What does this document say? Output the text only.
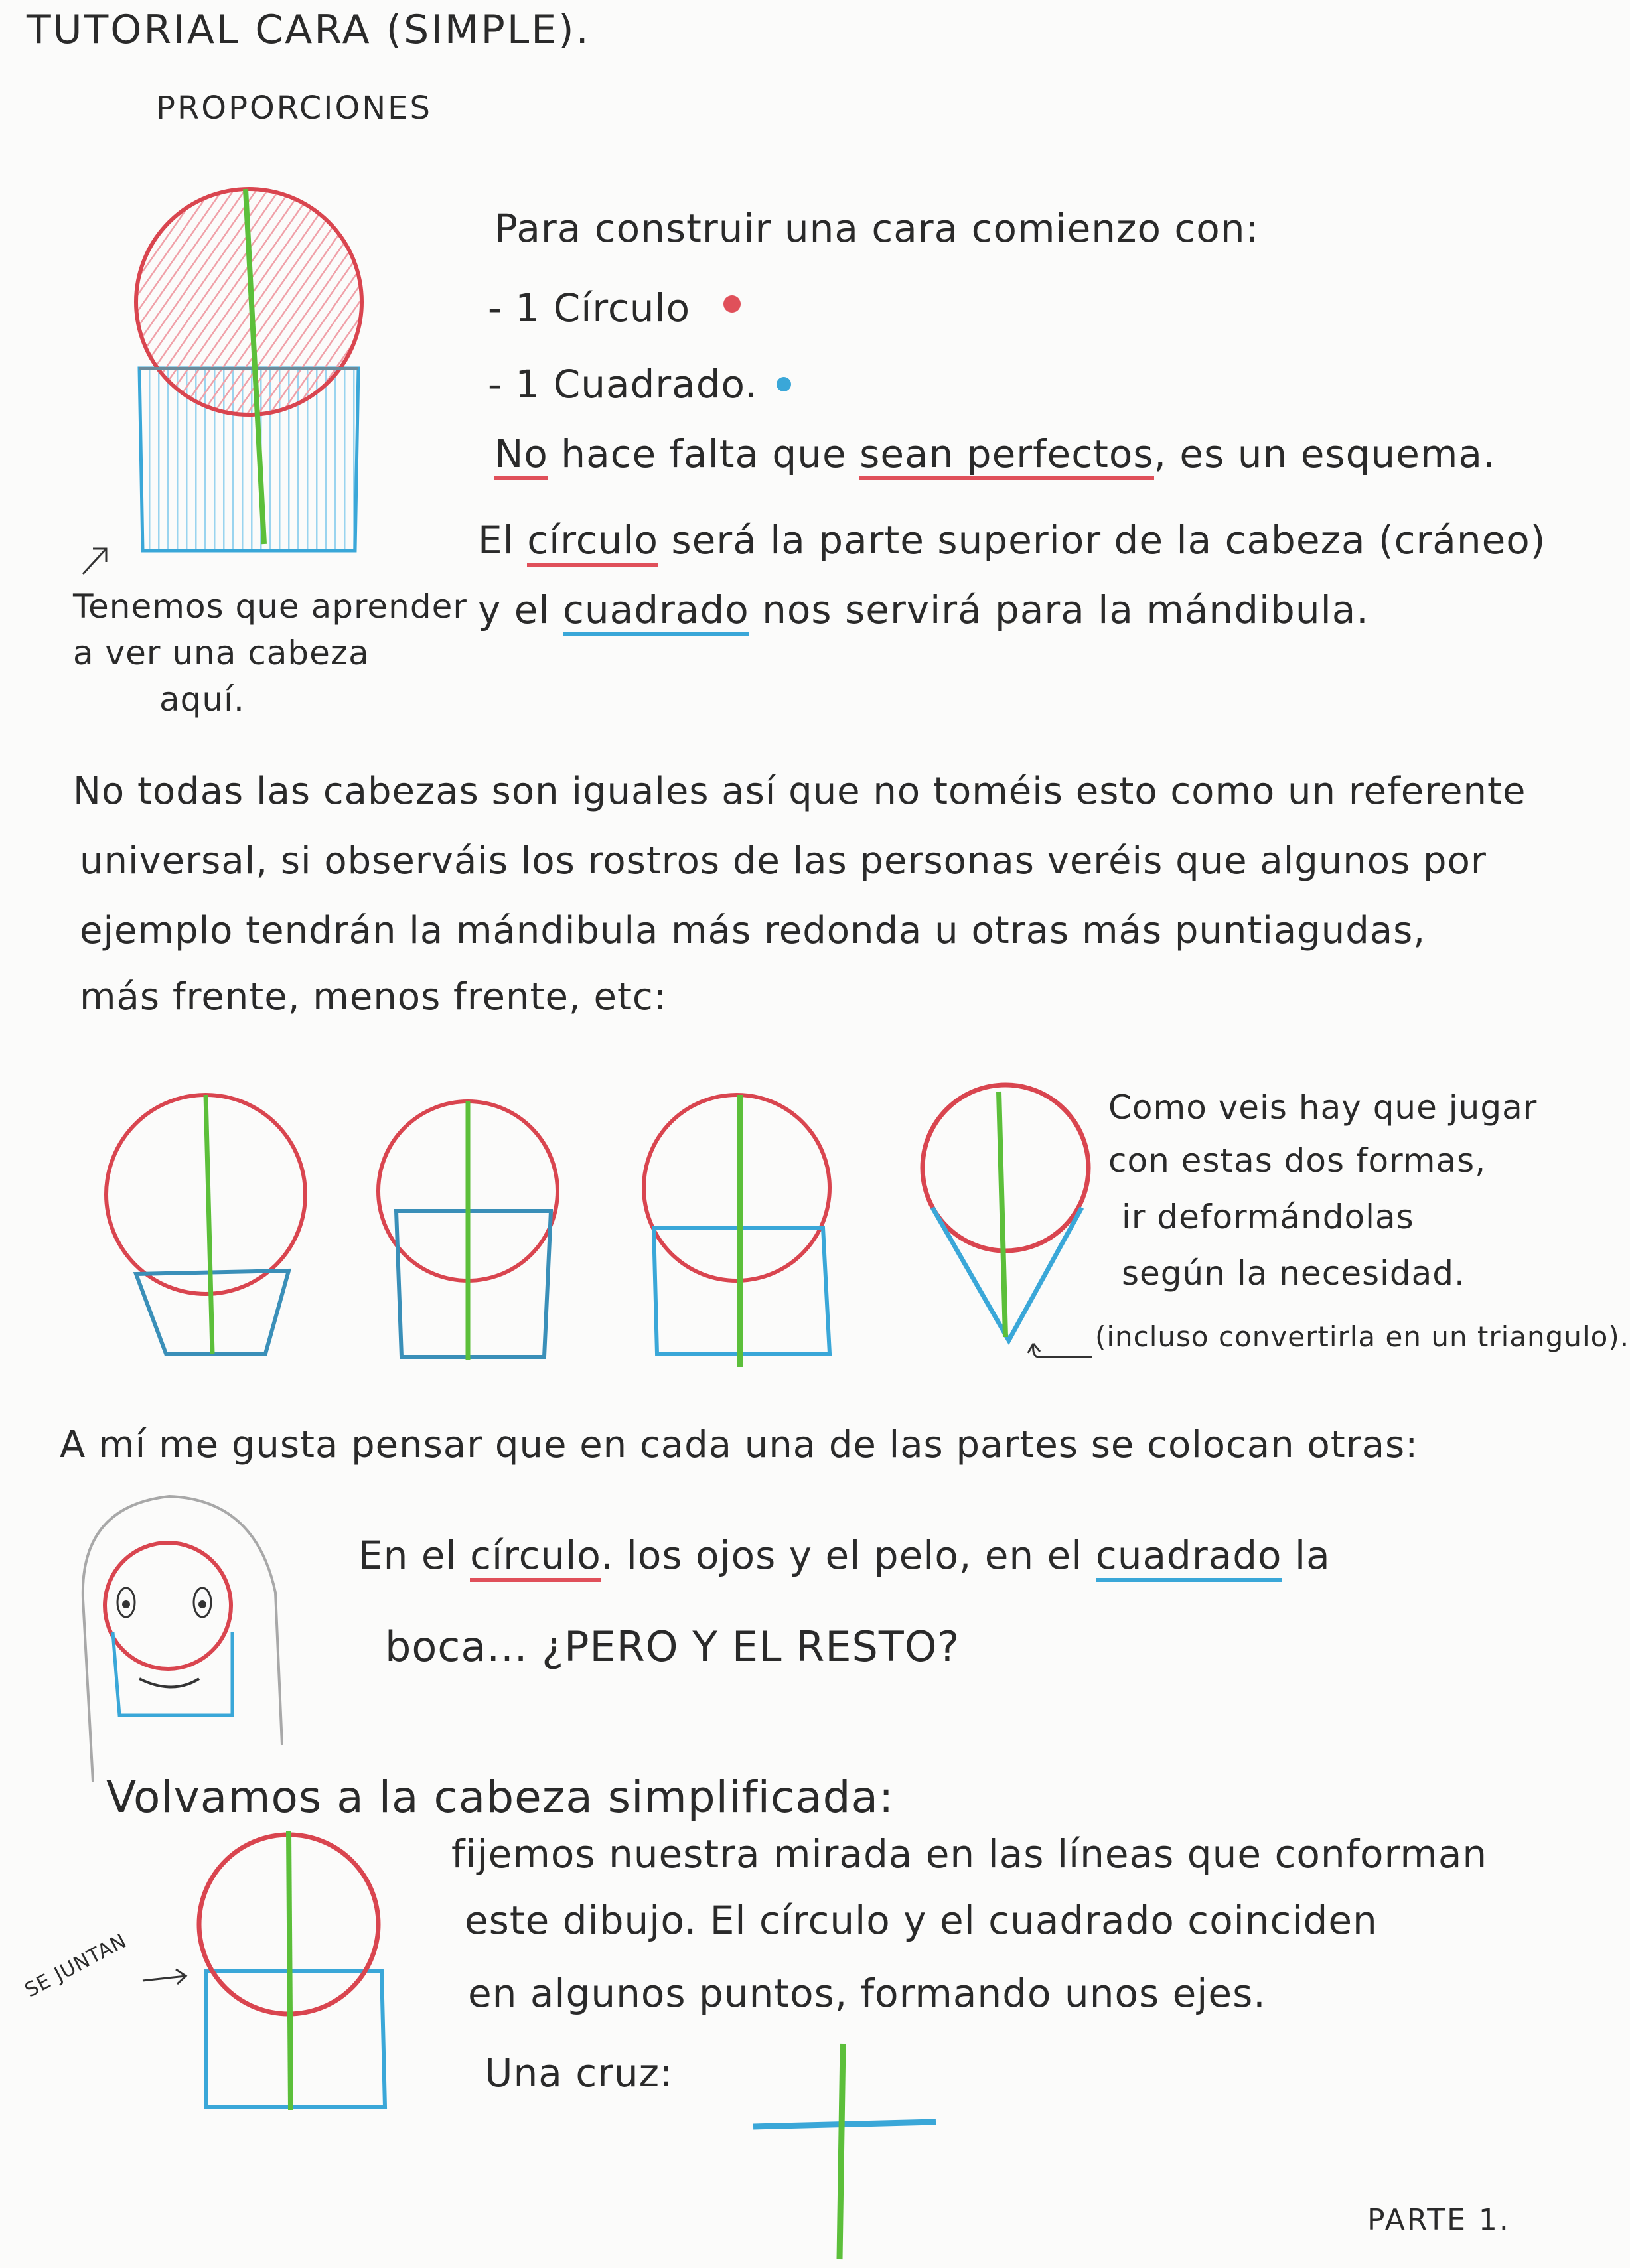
TUTORIAL CARA (SIMPLE).
PROPORCIONES
Tenemos que aprender
a ver una cabeza
aquí.
Para construir una cara comienzo con:
- 1 Círculo
- 1 Cuadrado.
No hace falta que sean perfectos, es un esquema.
El círculo será la parte superior de la cabeza (cráneo)
y el cuadrado nos servirá para la mándibula.
No todas las cabezas son iguales así que no toméis esto como un referente
universal, si observáis los rostros de las personas veréis que algunos por
ejemplo tendrán la mándibula más redonda u otras más puntiagudas,
más frente, menos frente, etc:
Como veis hay que jugar
con estas dos formas,
ir deformándolas
según la necesidad.
(incluso convertirla en un triangulo).
A mí me gusta pensar que en cada una de las partes se colocan otras:
En el círculo. los ojos y el pelo, en el cuadrado la
boca... ¿PERO Y EL RESTO?
Volvamos a la cabeza simplificada:
SE JUNTAN
fijemos nuestra mirada en las líneas que conforman
este dibujo. El círculo y el cuadrado coinciden
en algunos puntos, formando unos ejes.
Una cruz:
PARTE 1.
